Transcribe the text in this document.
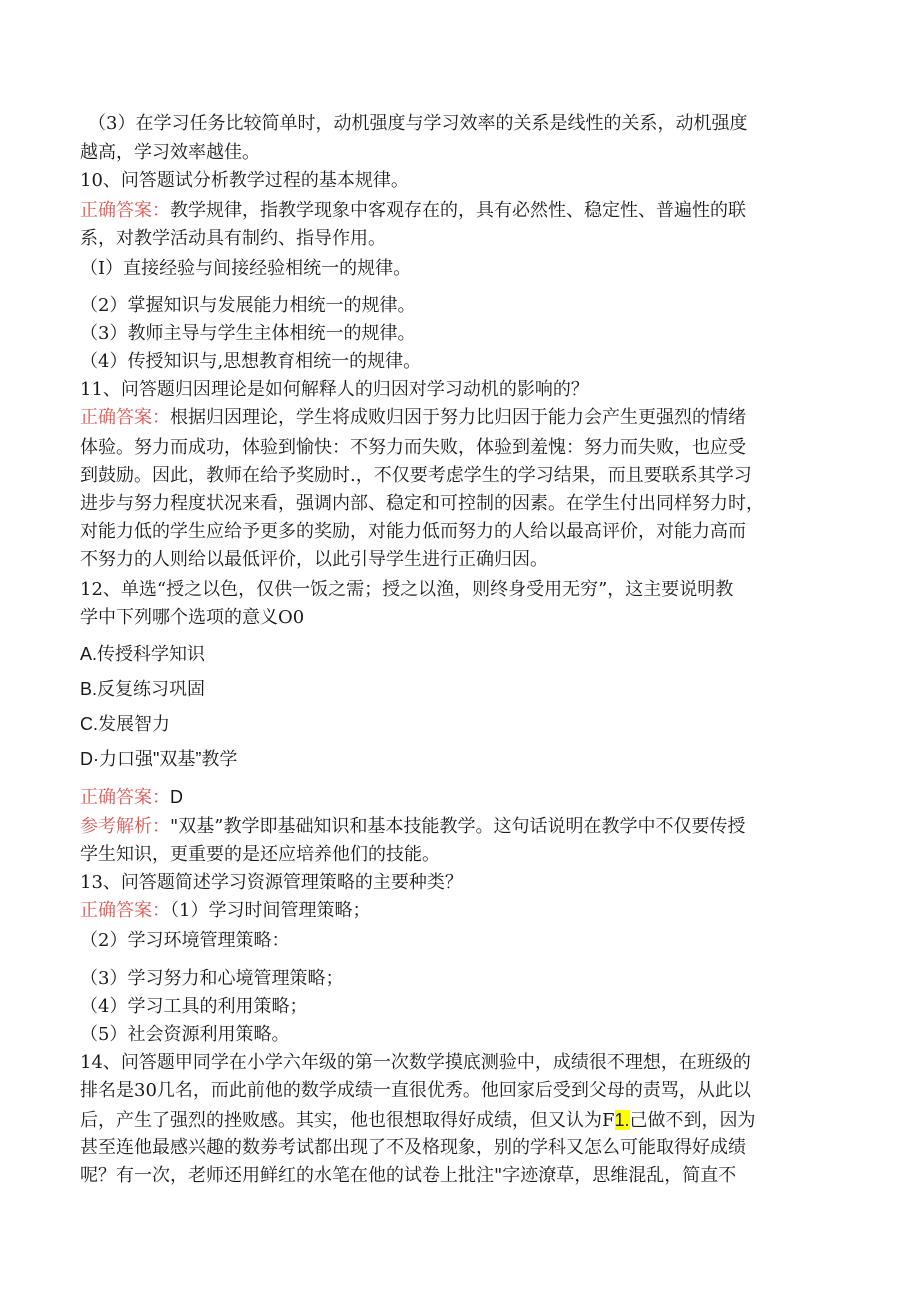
（3）在学习任务比较简单时，动机强度与学习效率的关系是线性的关系，动机强度
越高，学习效率越佳。
10、问答题试分析教学过程的基本规律。
正确答案：教学规律，指教学现象中客观存在的，具有必然性、稳定性、普遍性的联
系，对教学活动具有制约、指导作用。
（I）直接经验与间接经验相统一的规律。
（2）掌握知识与发展能力相统一的规律。
（3）教师主导与学生主体相统一的规律。
（4）传授知识与,思想教育相统一的规律。
11、问答题归因理论是如何解释人的归因对学习动机的影响的？
正确答案：根据归因理论，学生将成败归因于努力比归因于能力会产生更强烈的情绪
体验。努力而成功，体验到愉快：不努力而失败，体验到羞愧：努力而失败，也应受
到鼓励。因此，教师在给予奖励时.，不仅要考虑学生的学习结果，而且要联系其学习
进步与努力程度状况来看，强调内部、稳定和可控制的因素。在学生付出同样努力时，
对能力低的学生应给予更多的奖励，对能力低而努力的人给以最高评价，对能力高而
不努力的人则给以最低评价，以此引导学生进行正确归因。
12、单选“授之以色，仅供一饭之需；授之以渔，则终身受用无穷”，这主要说明教
学中下列哪个选项的意义O0
A.传授科学知识
B.反复练习巩固
C.发展智力
D·力口强"双基”教学
正确答案：D
参考解析："双基”教学即基础知识和基本技能教学。这句话说明在教学中不仅要传授
学生知识，更重要的是还应培养他们的技能。
13、问答题简述学习资源管理策略的主要种类？
正确答案：（1）学习时间管理策略；
（2）学习环境管理策略：
（3）学习努力和心境管理策略；
（4）学习工具的利用策略；
（5）社会资源利用策略。
14、问答题甲同学在小学六年级的第一次数学摸底测验中，成绩很不理想，在班级的
排名是30几名，而此前他的数学成绩一直很优秀。他回家后受到父母的责骂，从此以
后，产生了强烈的挫败感。其实，他也很想取得好成绩，但又认为F1.己做不到，因为
甚至连他最感兴趣的数劵考试都出现了不及格现象，别的学科又怎么可能取得好成绩
呢？有一次，老师还用鲜红的水笔在他的试卷上批注"字迹潦草，思维混乱，简直不
